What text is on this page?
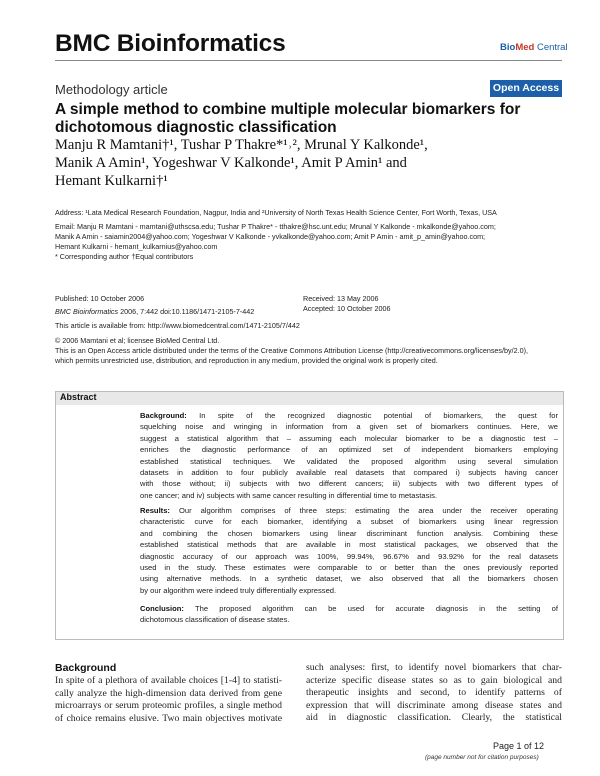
BMC Bioinformatics	BioMed Central
Methodology article	Open Access
A simple method to combine multiple molecular biomarkers for dichotomous diagnostic classification
Manju R Mamtani†¹, Tushar P Thakre*¹˒², Mrunal Y Kalkonde¹,
Manik A Amin¹, Yogeshwar V Kalkonde¹, Amit P Amin¹ and
Hemant Kulkarni†¹
Address: ¹Lata Medical Research Foundation, Nagpur, India and ²University of North Texas Health Science Center, Fort Worth, Texas, USA
Email: Manju R Mamtani - mamtani@uthscsa.edu; Tushar P Thakre* - tthakre@hsc.unt.edu; Mrunal Y Kalkonde - mkalkonde@yahoo.com;
Manik A Amin - saiamin2004@yahoo.com; Yogeshwar V Kalkonde - yvkalkonde@yahoo.com; Amit P Amin - amit_p_amin@yahoo.com;
Hemant Kulkarni - hemant_kulkarnius@yahoo.com
* Corresponding author †Equal contributors
Published: 10 October 2006
BMC Bioinformatics 2006, 7:442 doi:10.1186/1471-2105-7-442
Received: 13 May 2006
Accepted: 10 October 2006
This article is available from: http://www.biomedcentral.com/1471-2105/7/442
© 2006 Mamtani et al; licensee BioMed Central Ltd.
This is an Open Access article distributed under the terms of the Creative Commons Attribution License (http://creativecommons.org/licenses/by/2.0),
which permits unrestricted use, distribution, and reproduction in any medium, provided the original work is properly cited.
Abstract
Background: In spite of the recognized diagnostic potential of biomarkers, the quest for
squelching noise and wringing in information from a given set of biomarkers continues. Here, we
suggest a statistical algorithm that – assuming each molecular biomarker to be a diagnostic test –
enriches the diagnostic performance of an optimized set of independent biomarkers employing
established statistical techniques. We validated the proposed algorithm using several simulation
datasets in addition to four publicly available real datasets that compared i) subjects having cancer
with those without; ii) subjects with two different cancers; iii) subjects with two different types of
one cancer; and iv) subjects with same cancer resulting in differential time to metastasis.
Results: Our algorithm comprises of three steps: estimating the area under the receiver operating
characteristic curve for each biomarker, identifying a subset of biomarkers using linear regression
and combining the chosen biomarkers using linear discriminant function analysis. Combining these
established statistical methods that are available in most statistical packages, we observed that the
diagnostic accuracy of our approach was 100%, 99.94%, 96.67% and 93.92% for the real datasets
used in the study. These estimates were comparable to or better than the ones previously reported
using alternative methods. In a synthetic dataset, we also observed that all the biomarkers chosen
by our algorithm were indeed truly differentially expressed.
Conclusion: The proposed algorithm can be used for accurate diagnosis in the setting of
dichotomous classification of disease states.
Background
In spite of a plethora of available choices [1-4] to statisti-
cally analyze the high-dimension data derived from gene
microarrays or serum proteomic profiles, a single method
of choice remains elusive. Two main objectives motivate
such analyses: first, to identify novel biomarkers that char-
acterize specific disease states so as to gain biological and
therapeutic insights and second, to identify patterns of
expression that will discriminate among disease states and
aid in diagnostic classification. Clearly, the statistical
Page 1 of 12
(page number not for citation purposes)
